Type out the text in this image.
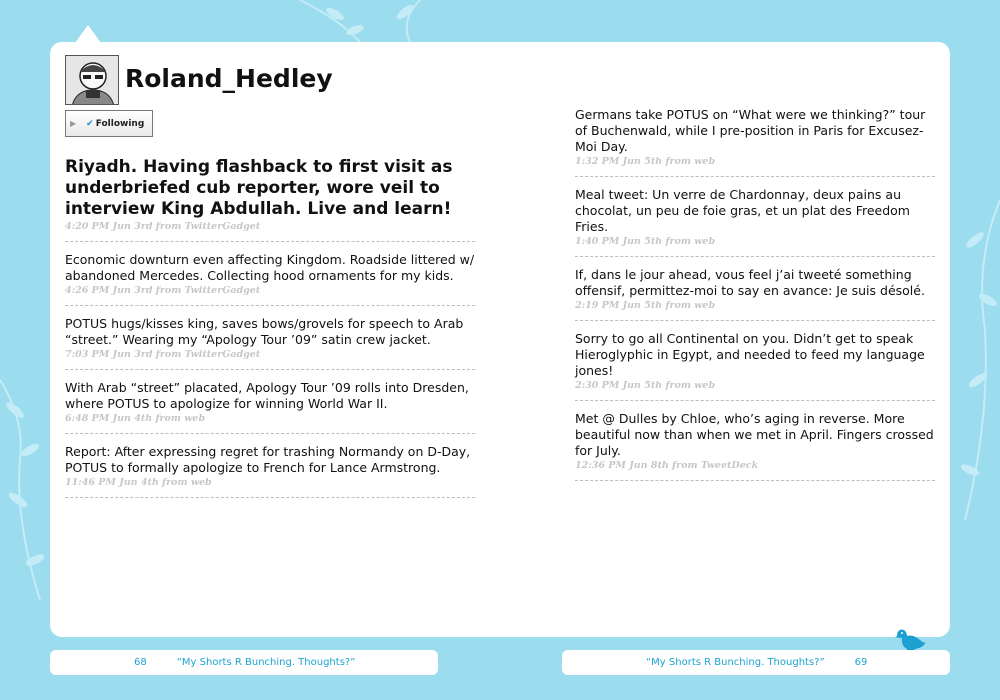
Roland_Hedley
▶ ✔ Following
Riyadh. Having flashback to first visit as underbriefed cub reporter, wore veil to interview King Abdullah. Live and learn!
4:20 PM Jun 3rd from TwitterGadget
Economic downturn even affecting Kingdom. Roadside littered w/ abandoned Mercedes. Collecting hood ornaments for my kids.
4:26 PM Jun 3rd from TwitterGadget
POTUS hugs/kisses king, saves bows/grovels for speech to Arab “street.” Wearing my “Apology Tour ’09” satin crew jacket.
7:03 PM Jun 3rd from TwitterGadget
With Arab “street” placated, Apology Tour ’09 rolls into Dresden, where POTUS to apologize for winning World War II.
6:48 PM Jun 4th from web
Report: After expressing regret for trashing Normandy on D-Day, POTUS to formally apologize to French for Lance Armstrong.
11:46 PM Jun 4th from web
Germans take POTUS on “What were we thinking?” tour of Buchenwald, while I pre-position in Paris for Excusez-Moi Day.
1:32 PM Jun 5th from web
Meal tweet: Un verre de Chardonnay, deux pains au chocolat, un peu de foie gras, et un plat des Freedom Fries.
1:40 PM Jun 5th from web
If, dans le jour ahead, vous feel j’ai tweeté something offensif, permittez-moi to say en avance: Je suis désolé.
2:19 PM Jun 5th from web
Sorry to go all Continental on you. Didn’t get to speak Hieroglyphic in Egypt, and needed to feed my language jones!
2:30 PM Jun 5th from web
Met @ Dulles by Chloe, who’s aging in reverse. More beautiful now than when we met in April. Fingers crossed for July.
12:36 PM Jun 8th from TweetDeck
68	“My Shorts R Bunching. Thoughts?”	“My Shorts R Bunching. Thoughts?”	69
